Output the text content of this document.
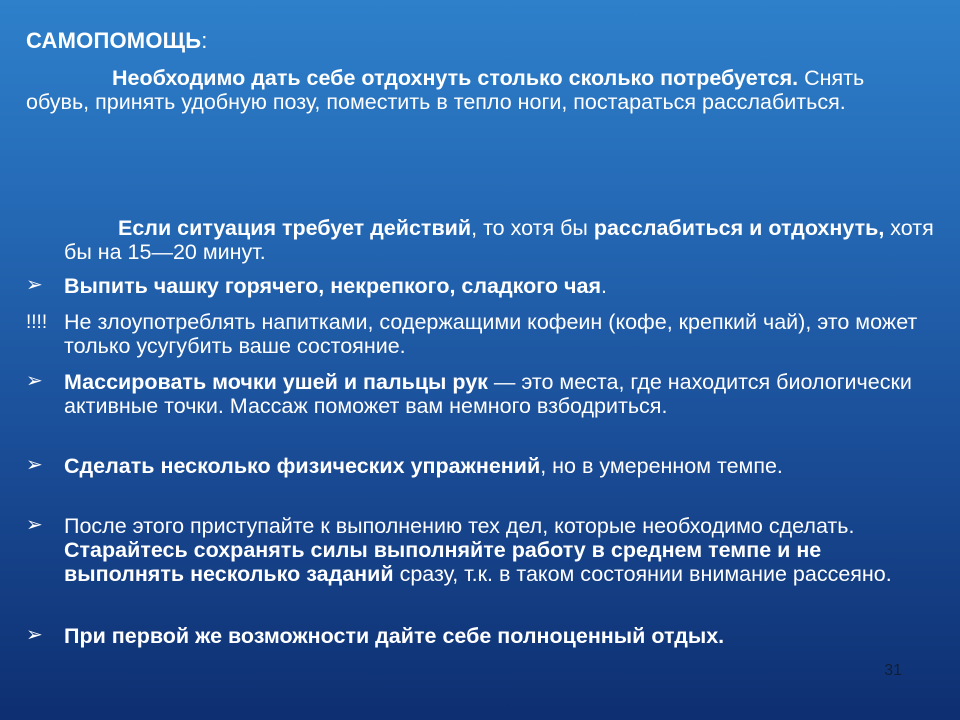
САМОПОМОЩЬ:
Необходимо дать себе отдохнуть столько сколько потребуется. Снять обувь, принять удобную позу, поместить в тепло ноги, постараться расслабиться.
Если ситуация требует действий, то хотя бы расслабиться и отдохнуть, хотя бы на 15—20 минут.
➢ Выпить чашку горячего, некрепкого, сладкого чая.
!!!! Не злоупотреблять напитками, содержащими кофеин (кофе, крепкий чай), это может только усугубить ваше состояние.
➢ Массировать мочки ушей и пальцы рук — это места, где находится биологически активные точки. Массаж поможет вам немного взбодриться.
➢ Сделать несколько физических упражнений, но в умеренном темпе.
➢ После этого приступайте к выполнению тех дел, которые необходимо сделать. Старайтесь сохранять силы выполняйте работу в среднем темпе и не выполнять несколько заданий сразу, т.к. в таком состоянии внимание рассеяно.
➢ При первой же возможности дайте себе полноценный отдых.
31
